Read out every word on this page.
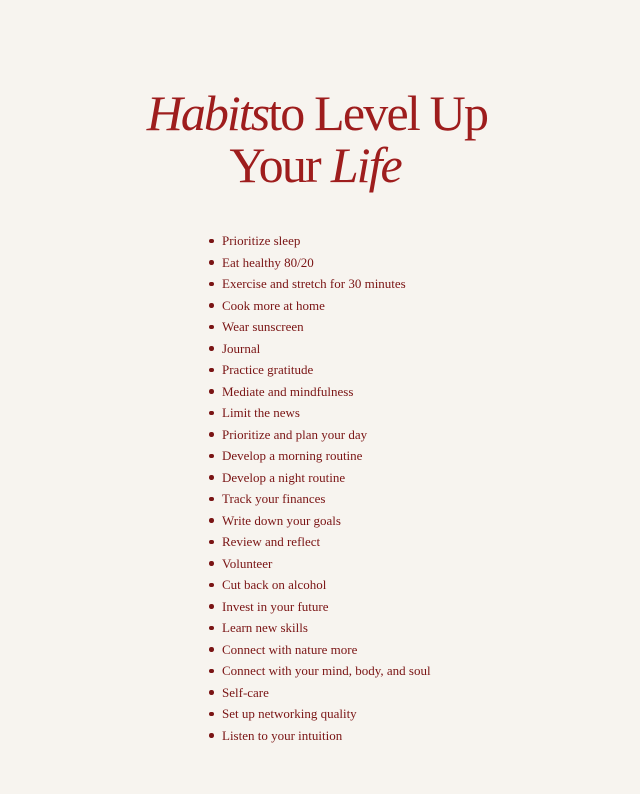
Habitsto Level Up
Your Life
Prioritize sleep
Eat healthy 80/20
Exercise and stretch for 30 minutes
Cook more at home
Wear sunscreen
Journal
Practice gratitude
Mediate and mindfulness
Limit the news
Prioritize and plan your day
Develop a morning routine
Develop a night routine
Track your finances
Write down your goals
Review and reflect
Volunteer
Cut back on alcohol
Invest in your future
Learn new skills
Connect with nature more
Connect with your mind, body, and soul
Self-care
Set up networking quality
Listen to your intuition
